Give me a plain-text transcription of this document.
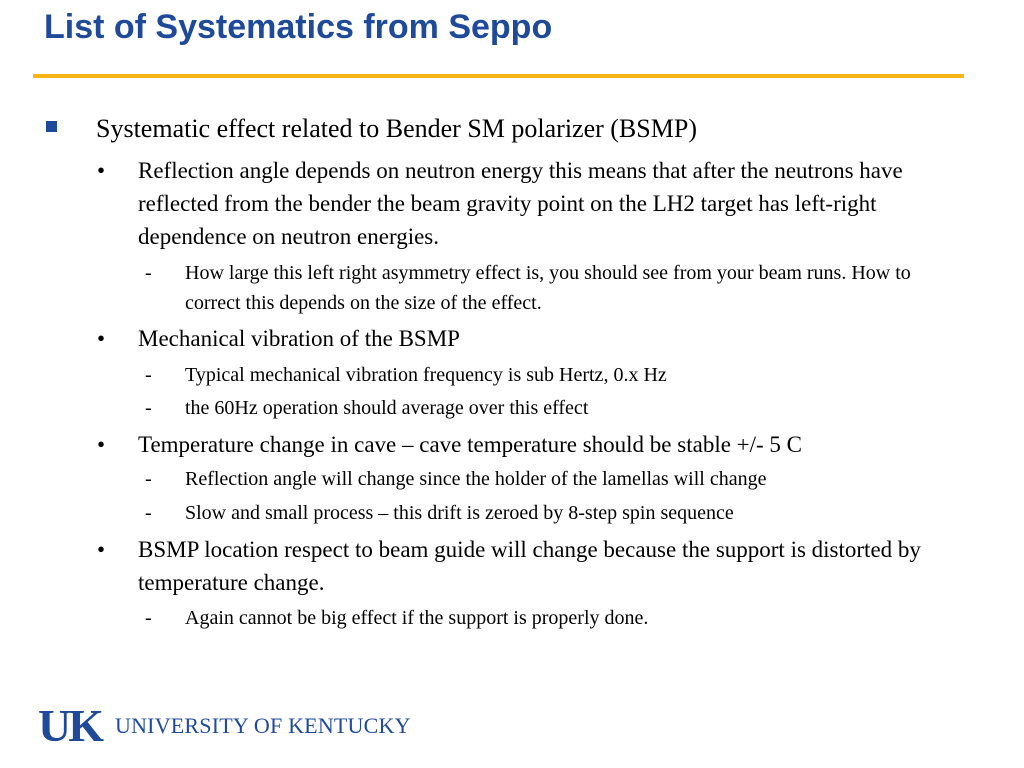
List of Systematics from Seppo
Systematic effect related to Bender SM polarizer (BSMP)
• Reflection angle depends on neutron energy this means that after the neutrons have reflected from the bender the beam gravity point on the LH2 target has left-right dependence on neutron energies.
- How large this left right asymmetry effect is, you should see from your beam runs. How to correct this depends on the size of the effect.
• Mechanical vibration of the BSMP
- Typical mechanical vibration frequency is sub Hertz, 0.x Hz
- the 60Hz operation should average over this effect
• Temperature change in cave – cave temperature should be stable +/- 5 C
- Reflection angle will change since the holder of the lamellas will change
- Slow and small process – this drift is zeroed by 8-step spin sequence
• BSMP location respect to beam guide will change because the support is distorted by temperature change.
- Again cannot be big effect if the support is properly done.
UK UNIVERSITY OF KENTUCKY
